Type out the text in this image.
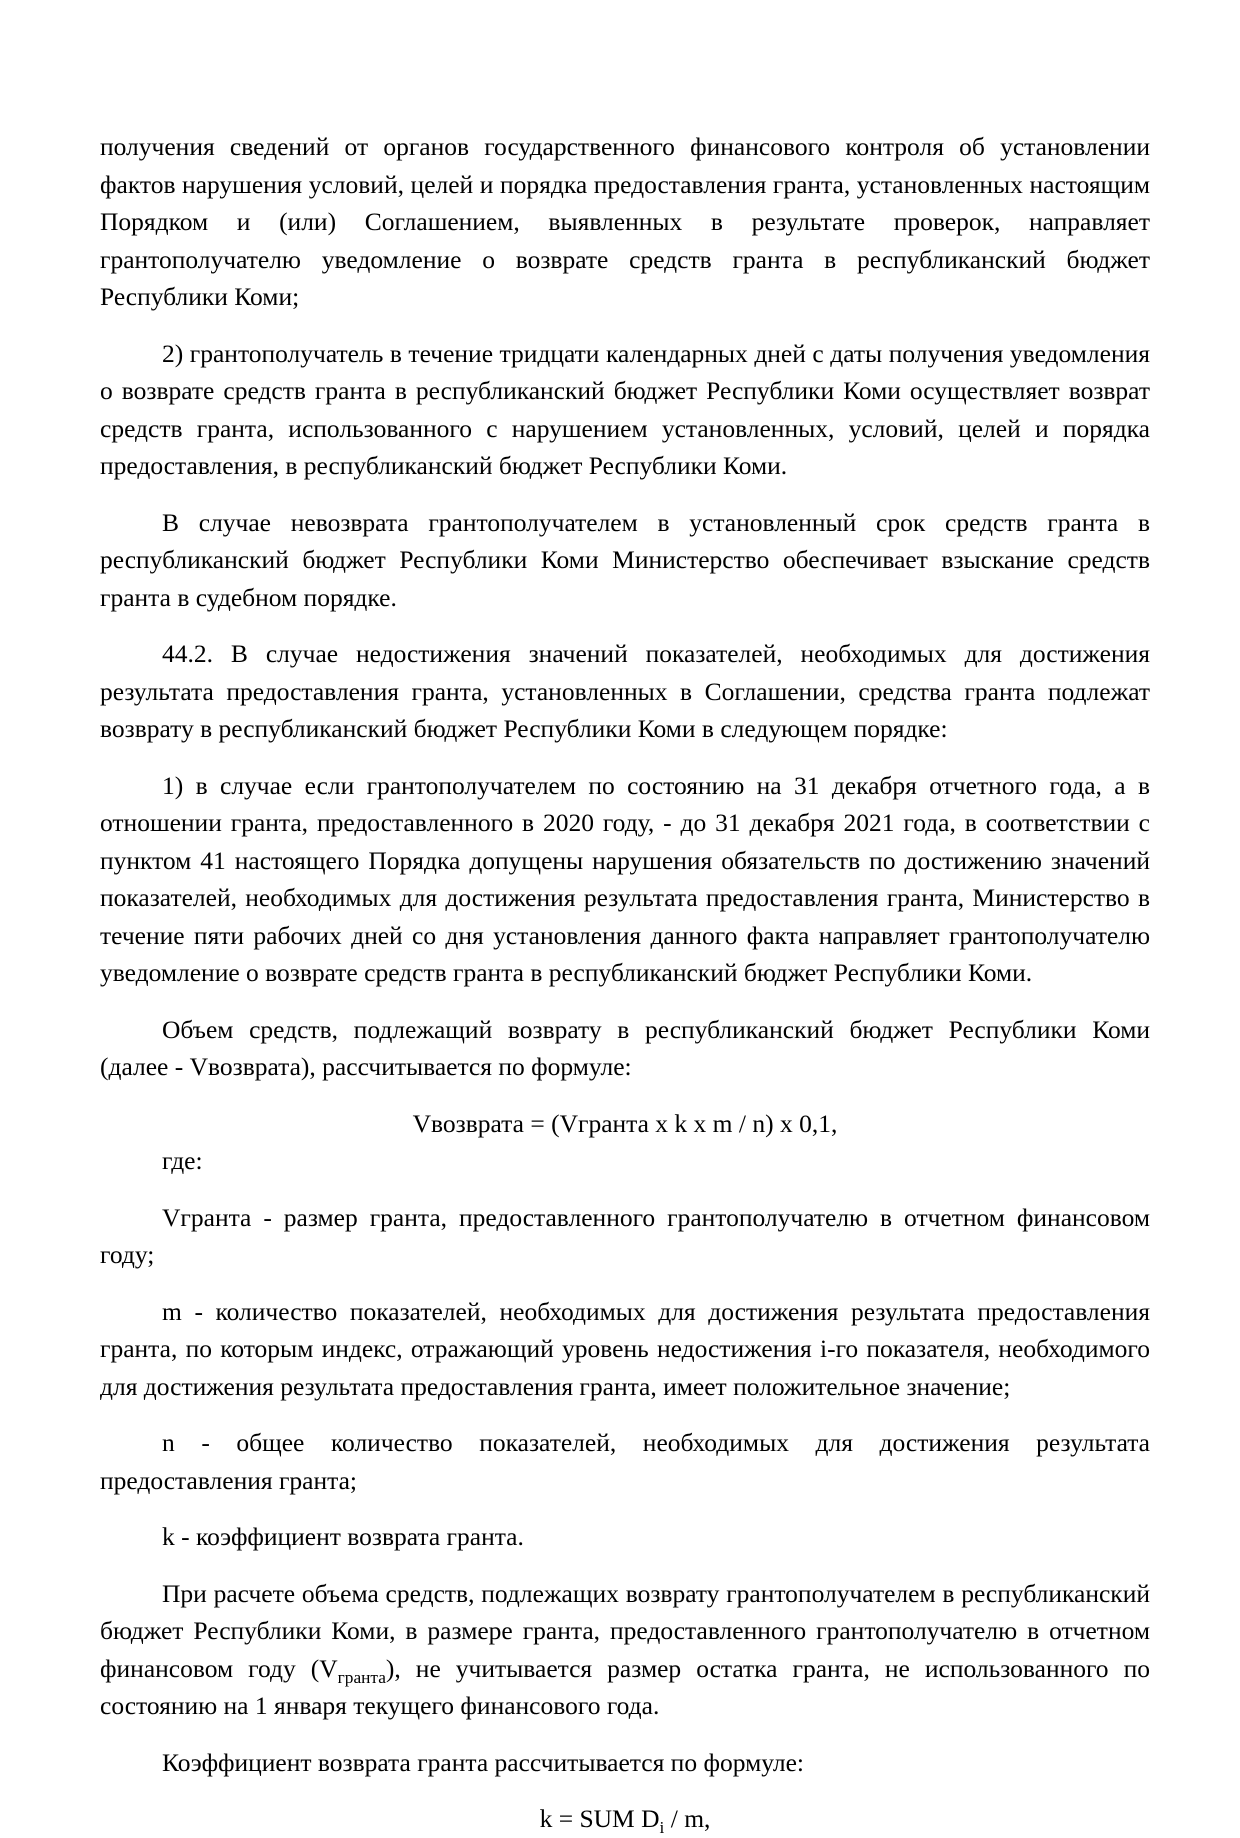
получения сведений от органов государственного финансового контроля об установлении фактов нарушения условий, целей и порядка предоставления гранта, установленных настоящим Порядком и (или) Соглашением, выявленных в результате проверок, направляет грантополучателю уведомление о возврате средств гранта в республиканский бюджет Республики Коми;

2) грантополучатель в течение тридцати календарных дней с даты получения уведомления о возврате средств гранта в республиканский бюджет Республики Коми осуществляет возврат средств гранта, использованного с нарушением установленных, условий, целей и порядка предоставления, в республиканский бюджет Республики Коми.

В случае невозврата грантополучателем в установленный срок средств гранта в республиканский бюджет Республики Коми Министерство обеспечивает взыскание средств гранта в судебном порядке.

44.2. В случае недостижения значений показателей, необходимых для достижения результата предоставления гранта, установленных в Соглашении, средства гранта подлежат возврату в республиканский бюджет Республики Коми в следующем порядке:

1) в случае если грантополучателем по состоянию на 31 декабря отчетного года, а в отношении гранта, предоставленного в 2020 году, - до 31 декабря 2021 года, в соответствии с пунктом 41 настоящего Порядка допущены нарушения обязательств по достижению значений показателей, необходимых для достижения результата предоставления гранта, Министерство в течение пяти рабочих дней со дня установления данного факта направляет грантополучателю уведомление о возврате средств гранта в республиканский бюджет Республики Коми.

Объем средств, подлежащий возврату в республиканский бюджет Республики Коми (далее - Vвозврата), рассчитывается по формуле:

Vвозврата = (Vгранта x k x m / n) x 0,1,

где:

Vгранта - размер гранта, предоставленного грантополучателю в отчетном финансовом году;

m - количество показателей, необходимых для достижения результата предоставления гранта, по которым индекс, отражающий уровень недостижения i-го показателя, необходимого для достижения результата предоставления гранта, имеет положительное значение;

n - общее количество показателей, необходимых для достижения результата предоставления гранта;

k - коэффициент возврата гранта.

При расчете объема средств, подлежащих возврату грантополучателем в республиканский бюджет Республики Коми, в размере гранта, предоставленного грантополучателю в отчетном финансовом году $(V_{гранта})$, не учитывается размер остатка гранта, не использованного по состоянию на 1 января текущего финансового года.

Коэффициент возврата гранта рассчитывается по формуле:

k = SUM $D_i$ / m,
